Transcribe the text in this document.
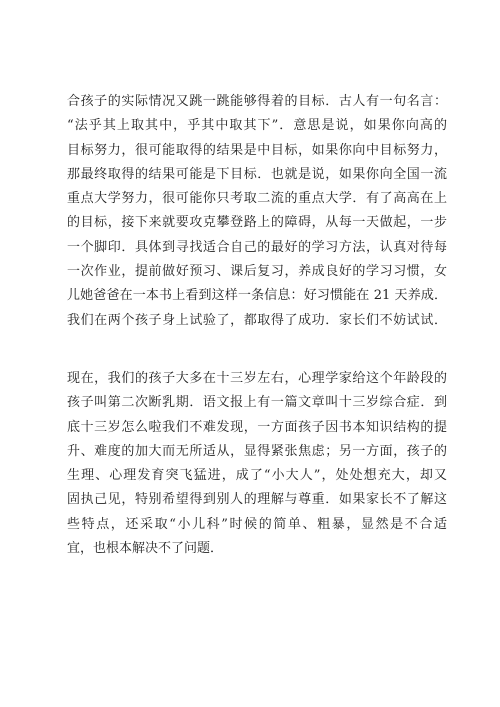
合孩子的实际情况又跳一跳能够得着的目标．古人有一句名言：
“法乎其上取其中，乎其中取其下”．意思是说，如果你向高的
目标努力，很可能取得的结果是中目标，如果你向中目标努力，
那最终取得的结果可能是下目标．也就是说，如果你向全国一流
重点大学努力，很可能你只考取二流的重点大学．有了高高在上
的目标，接下来就要攻克攀登路上的障碍，从每一天做起，一步
一个脚印．具体到寻找适合自己的最好的学习方法，认真对待每
一次作业，提前做好预习、课后复习，养成良好的学习习惯，女
儿她爸爸在一本书上看到这样一条信息：好习惯能在 21 天养成．
我们在两个孩子身上试验了，都取得了成功．家长们不妨试试．
现在，我们的孩子大多在十三岁左右，心理学家给这个年龄段的
孩子叫第二次断乳期．语文报上有一篇文章叫十三岁综合症．到
底十三岁怎么啦我们不难发现，一方面孩子因书本知识结构的提
升、难度的加大而无所适从，显得紧张焦虑；另一方面，孩子的
生理、心理发育突飞猛进，成了“小大人”，处处想充大，却又
固执己见，特别希望得到别人的理解与尊重．如果家长不了解这
些特点，还采取“小儿科”时候的简单、粗暴，显然是不合适
宜，也根本解决不了问题．
